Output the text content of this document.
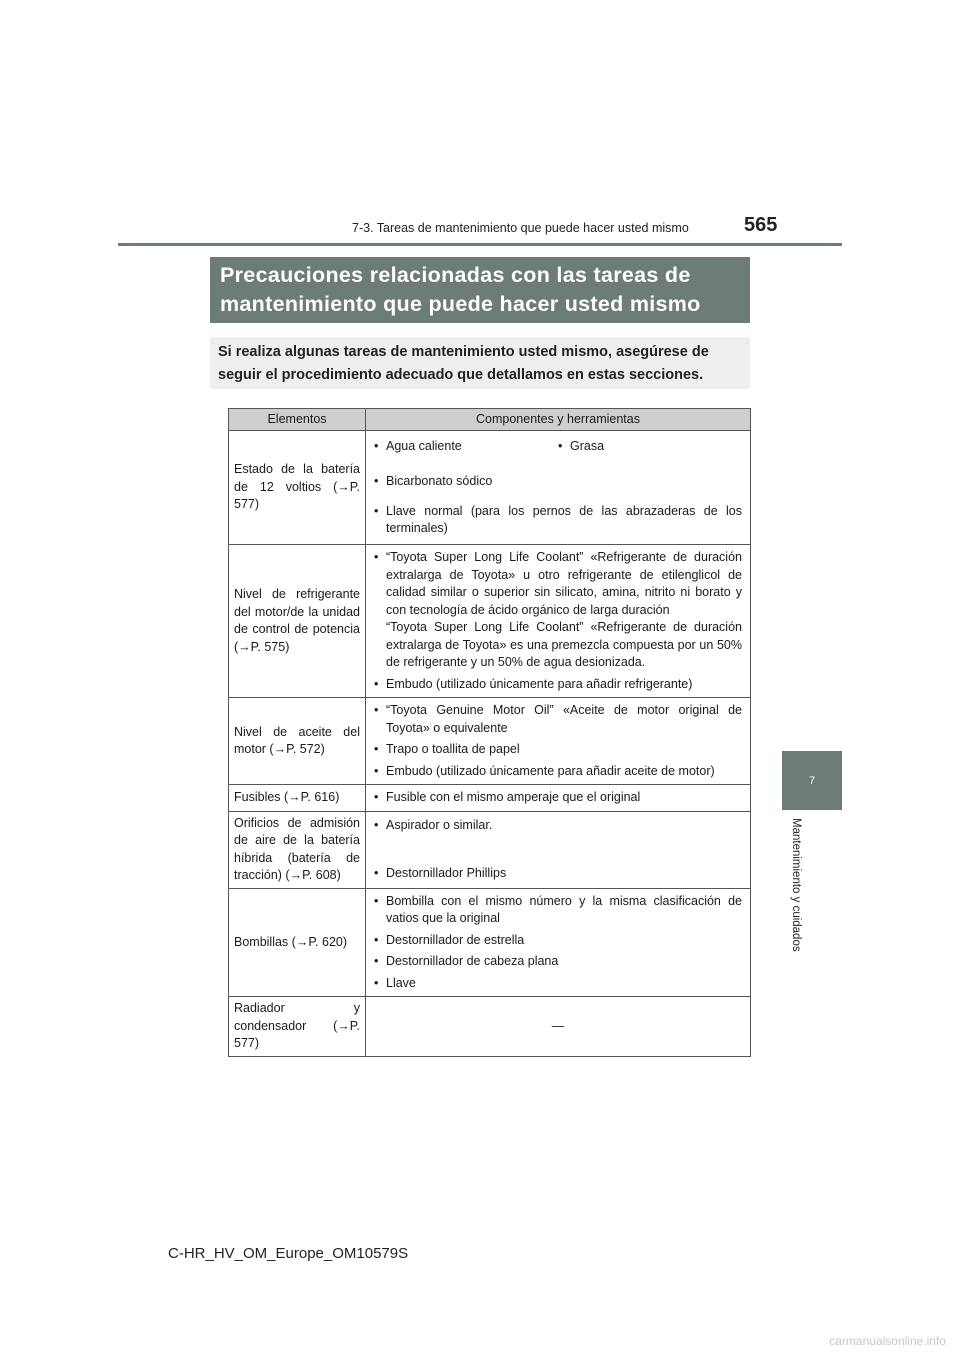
7-3. Tareas de mantenimiento que puede hacer usted mismo	565
Precauciones relacionadas con las tareas de
mantenimiento que puede hacer usted mismo
Si realiza algunas tareas de mantenimiento usted mismo, asegúrese de
seguir el procedimiento adecuado que detallamos en estas secciones.
7
Mantenimiento y cuidados
Elementos	Componentes y herramientas
Estado de la batería de 12 voltios (→P. 577)	• Agua caliente • Grasa
• Bicarbonato sódico
• Llave normal (para los pernos de las abrazaderas de los terminales)

Nivel de refrigerante del motor/de la unidad de control de potencia (→P. 575)	• “Toyota Super Long Life Coolant” «Refrigerante de duración extralarga de Toyota» u otro refrigerante de etilenglicol de calidad similar o superior sin silicato, amina, nitrito ni borato y con tecnología de ácido orgánico de larga duración
“Toyota Super Long Life Coolant” «Refrigerante de duración extralarga de Toyota» es una premezcla compuesta por un 50% de refrigerante y un 50% de agua desionizada.
• Embudo (utilizado únicamente para añadir refrigerante)

Nivel de aceite del motor (→P. 572)	• “Toyota Genuine Motor Oil” «Aceite de motor original de Toyota» o equivalente
• Trapo o toallita de papel
• Embudo (utilizado únicamente para añadir aceite de motor)

Fusibles (→P. 616)	• Fusible con el mismo amperaje que el original

Orificios de admisión de aire de la batería híbrida (batería de tracción) (→P. 608)	• Aspirador o similar.
• Destornillador Phillips

Bombillas (→P. 620)	• Bombilla con el mismo número y la misma clasificación de vatios que la original
• Destornillador de estrella
• Destornillador de cabeza plana
• Llave

Radiador y condensador (→P. 577)	—
C-HR_HV_OM_Europe_OM10579S
carmanualsonline.info
